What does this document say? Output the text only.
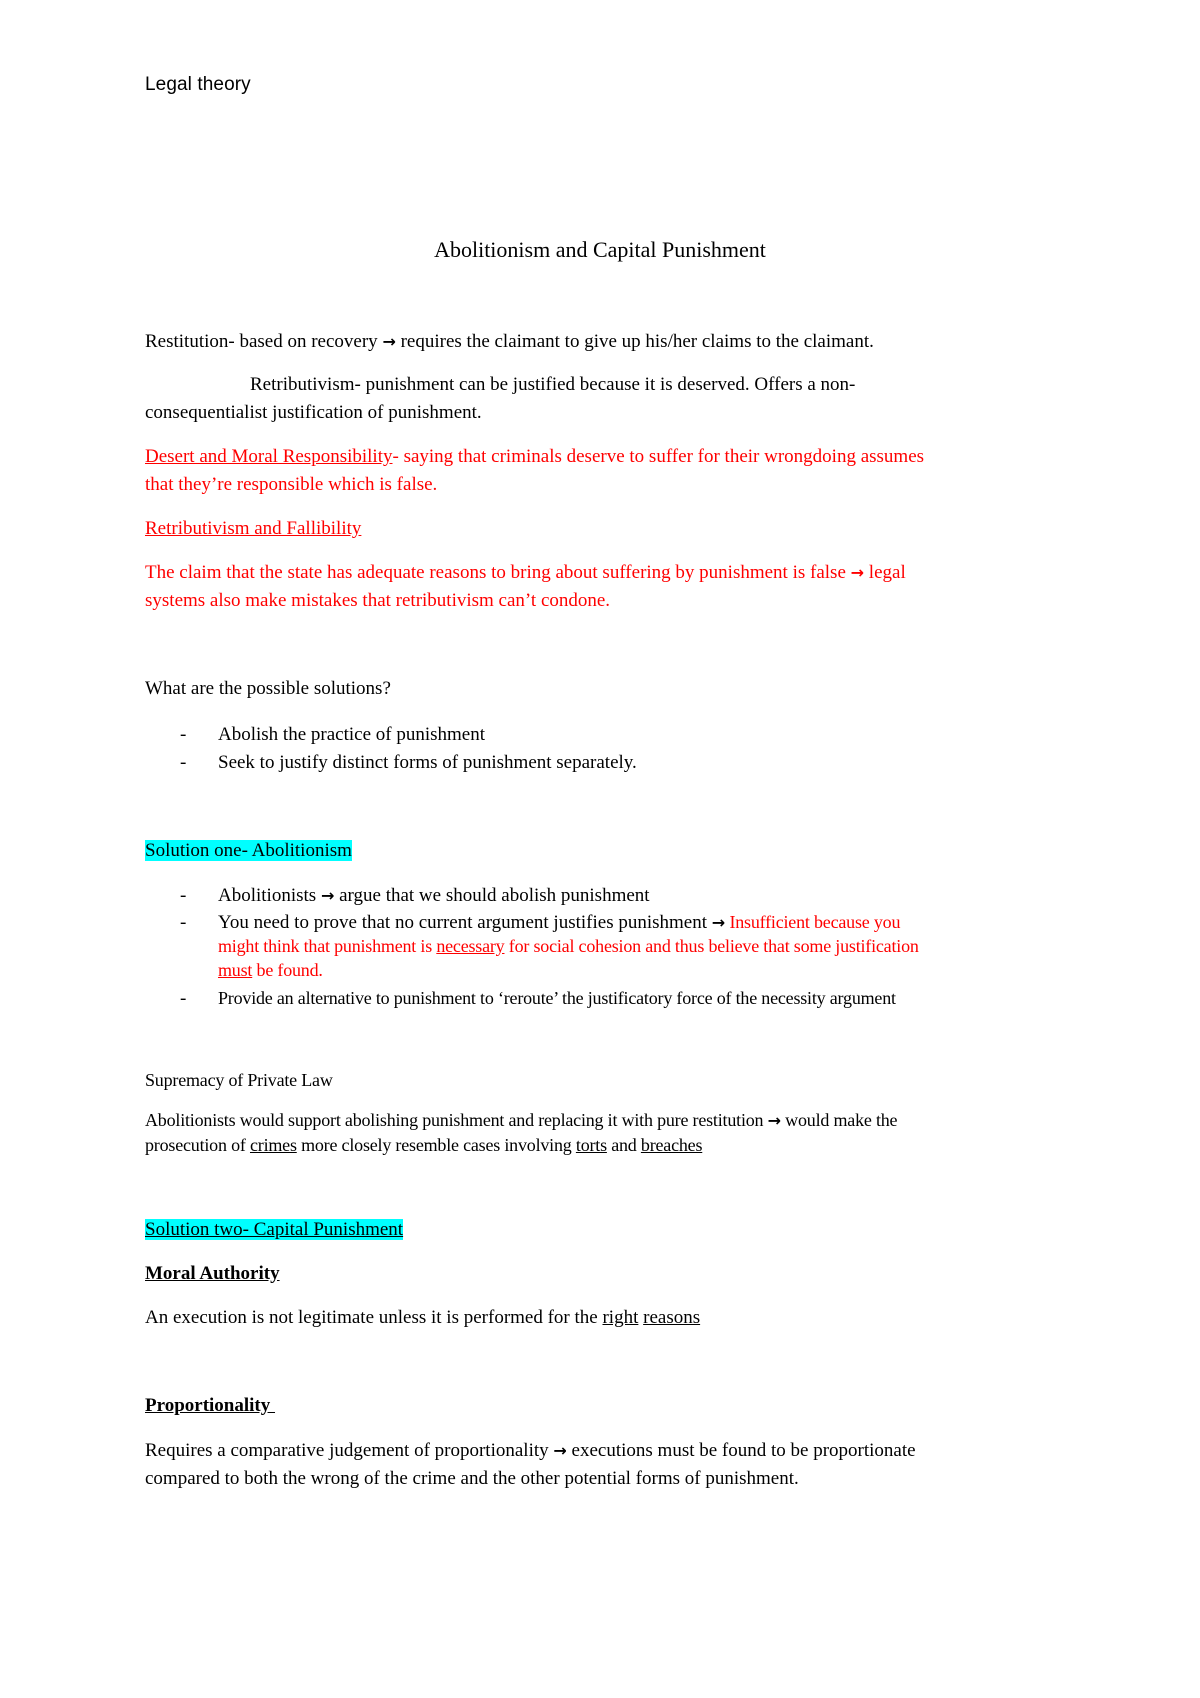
Legal theory
Abolitionism and Capital Punishment
Restitution- based on recovery → requires the claimant to give up his/her claims to the claimant.
Retributivism- punishment can be justified because it is deserved. Offers a non-
consequentialist justification of punishment.
Desert and Moral Responsibility- saying that criminals deserve to suffer for their wrongdoing assumes
that they’re responsible which is false.
Retributivism and Fallibility
The claim that the state has adequate reasons to bring about suffering by punishment is false → legal
systems also make mistakes that retributivism can’t condone.
What are the possible solutions?
- Abolish the practice of punishment
- Seek to justify distinct forms of punishment separately.
Solution one- Abolitionism
- Abolitionists → argue that we should abolish punishment
- You need to prove that no current argument justifies punishment → Insufficient because you
might think that punishment is necessary for social cohesion and thus believe that some justification
must be found.
- Provide an alternative to punishment to ‘reroute’ the justificatory force of the necessity argument
Supremacy of Private Law
Abolitionists would support abolishing punishment and replacing it with pure restitution → would make the
prosecution of crimes more closely resemble cases involving torts and breaches
Solution two- Capital Punishment
Moral Authority
An execution is not legitimate unless it is performed for the right reasons
Proportionality
Requires a comparative judgement of proportionality → executions must be found to be proportionate
compared to both the wrong of the crime and the other potential forms of punishment.
